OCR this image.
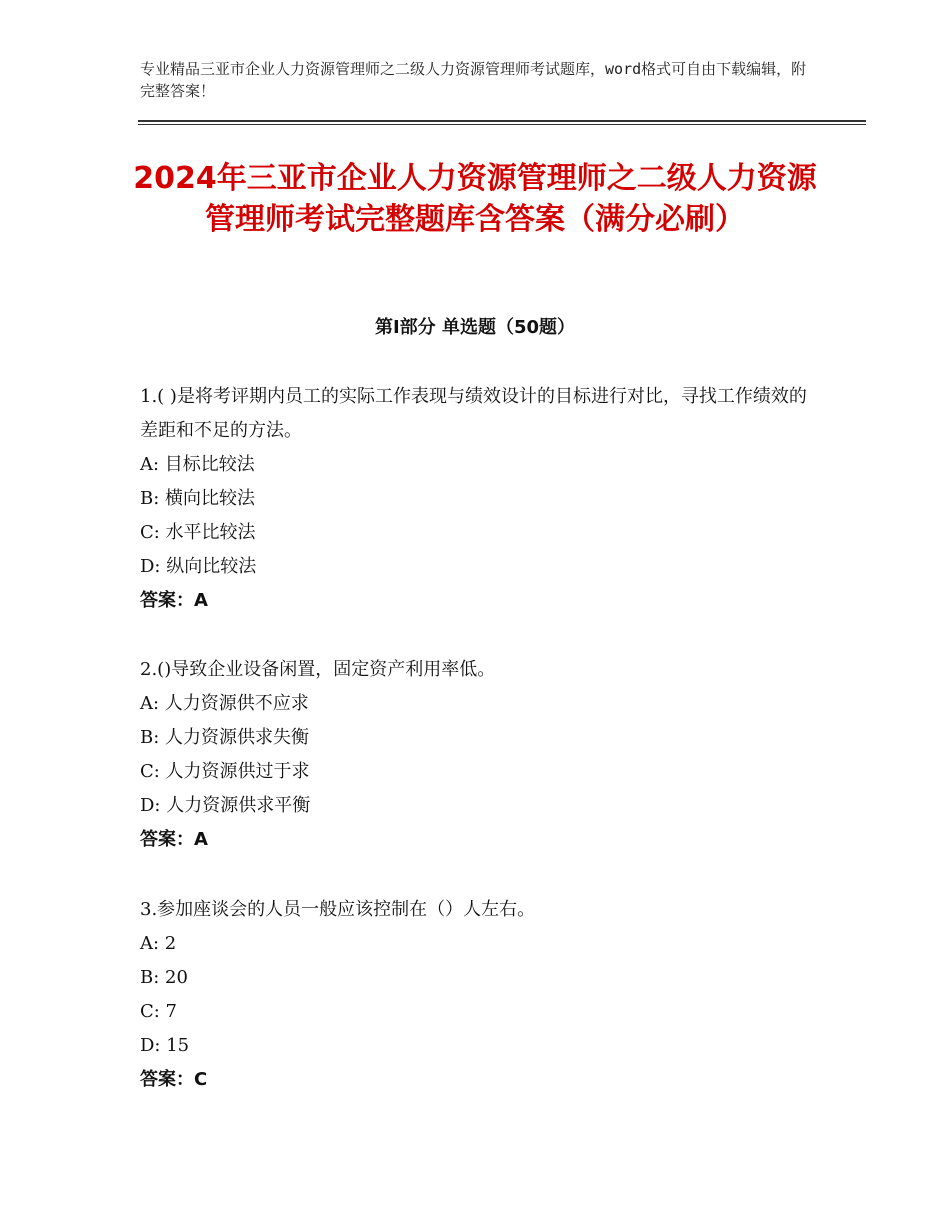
专业精品三亚市企业人力资源管理师之二级人力资源管理师考试题库，word格式可自由下载编辑，附完整答案！
2024年三亚市企业人力资源管理师之二级人力资源管理师考试完整题库含答案（满分必刷）
第Ⅰ部分 单选题（50题）

1.( )是将考评期内员工的实际工作表现与绩效设计的目标进行对比，寻找工作绩效的差距和不足的方法。

A: 目标比较法

B: 横向比较法

C: 水平比较法

D: 纵向比较法

答案：A

2.()导致企业设备闲置，固定资产利用率低。

A: 人力资源供不应求

B: 人力资源供求失衡

C: 人力资源供过于求

D: 人力资源供求平衡

答案：A

3.参加座谈会的人员一般应该控制在（）人左右。

A: 2

B: 20

C: 7

D: 15

答案：C
